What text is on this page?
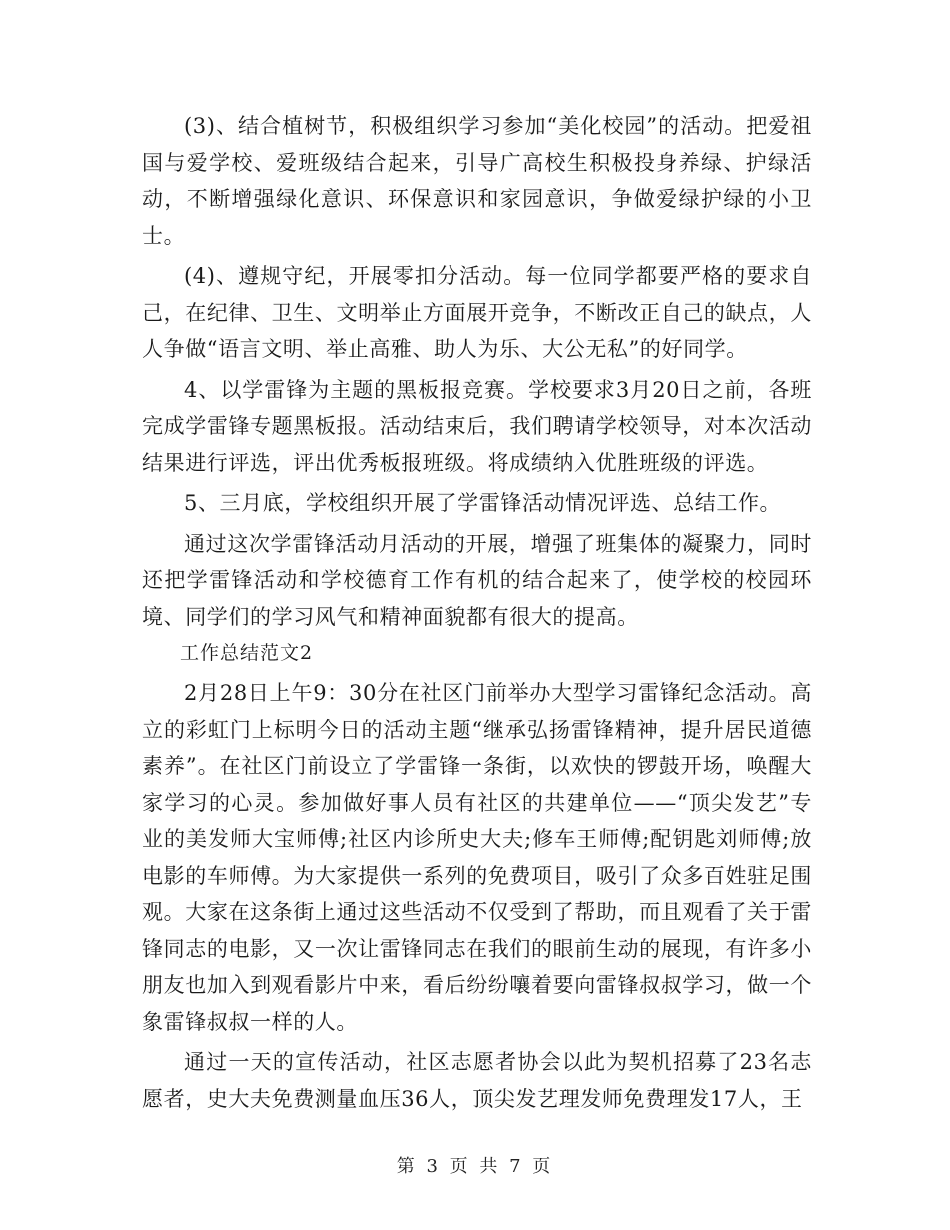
(3)、结合植树节，积极组织学习参加“美化校园”的活动。把爱祖国与爱学校、爱班级结合起来，引导广高校生积极投身养绿、护绿活动，不断增强绿化意识、环保意识和家园意识，争做爱绿护绿的小卫士。

(4)、遵规守纪，开展零扣分活动。每一位同学都要严格的要求自己，在纪律、卫生、文明举止方面展开竞争，不断改正自己的缺点，人人争做“语言文明、举止高雅、助人为乐、大公无私”的好同学。

4、以学雷锋为主题的黑板报竞赛。学校要求3月20日之前，各班完成学雷锋专题黑板报。活动结束后，我们聘请学校领导，对本次活动结果进行评选，评出优秀板报班级。将成绩纳入优胜班级的评选。

5、三月底，学校组织开展了学雷锋活动情况评选、总结工作。

通过这次学雷锋活动月活动的开展，增强了班集体的凝聚力，同时还把学雷锋活动和学校德育工作有机的结合起来了，使学校的校园环境、同学们的学习风气和精神面貌都有很大的提高。

工作总结范文2

2月28日上午9：30分在社区门前举办大型学习雷锋纪念活动。高立的彩虹门上标明今日的活动主题“继承弘扬雷锋精神，提升居民道德素养”。在社区门前设立了学雷锋一条街，以欢快的锣鼓开场，唤醒大家学习的心灵。参加做好事人员有社区的共建单位——“顶尖发艺”专业的美发师大宝师傅;社区内诊所史大夫;修车王师傅;配钥匙刘师傅;放电影的车师傅。为大家提供一系列的免费项目，吸引了众多百姓驻足围观。大家在这条街上通过这些活动不仅受到了帮助，而且观看了关于雷锋同志的电影，又一次让雷锋同志在我们的眼前生动的展现，有许多小朋友也加入到观看影片中来，看后纷纷嚷着要向雷锋叔叔学习，做一个象雷锋叔叔一样的人。

通过一天的宣传活动，社区志愿者协会以此为契机招募了23名志愿者，史大夫免费测量血压36人，顶尖发艺理发师免费理发17人，王

第 3 页 共 7 页
